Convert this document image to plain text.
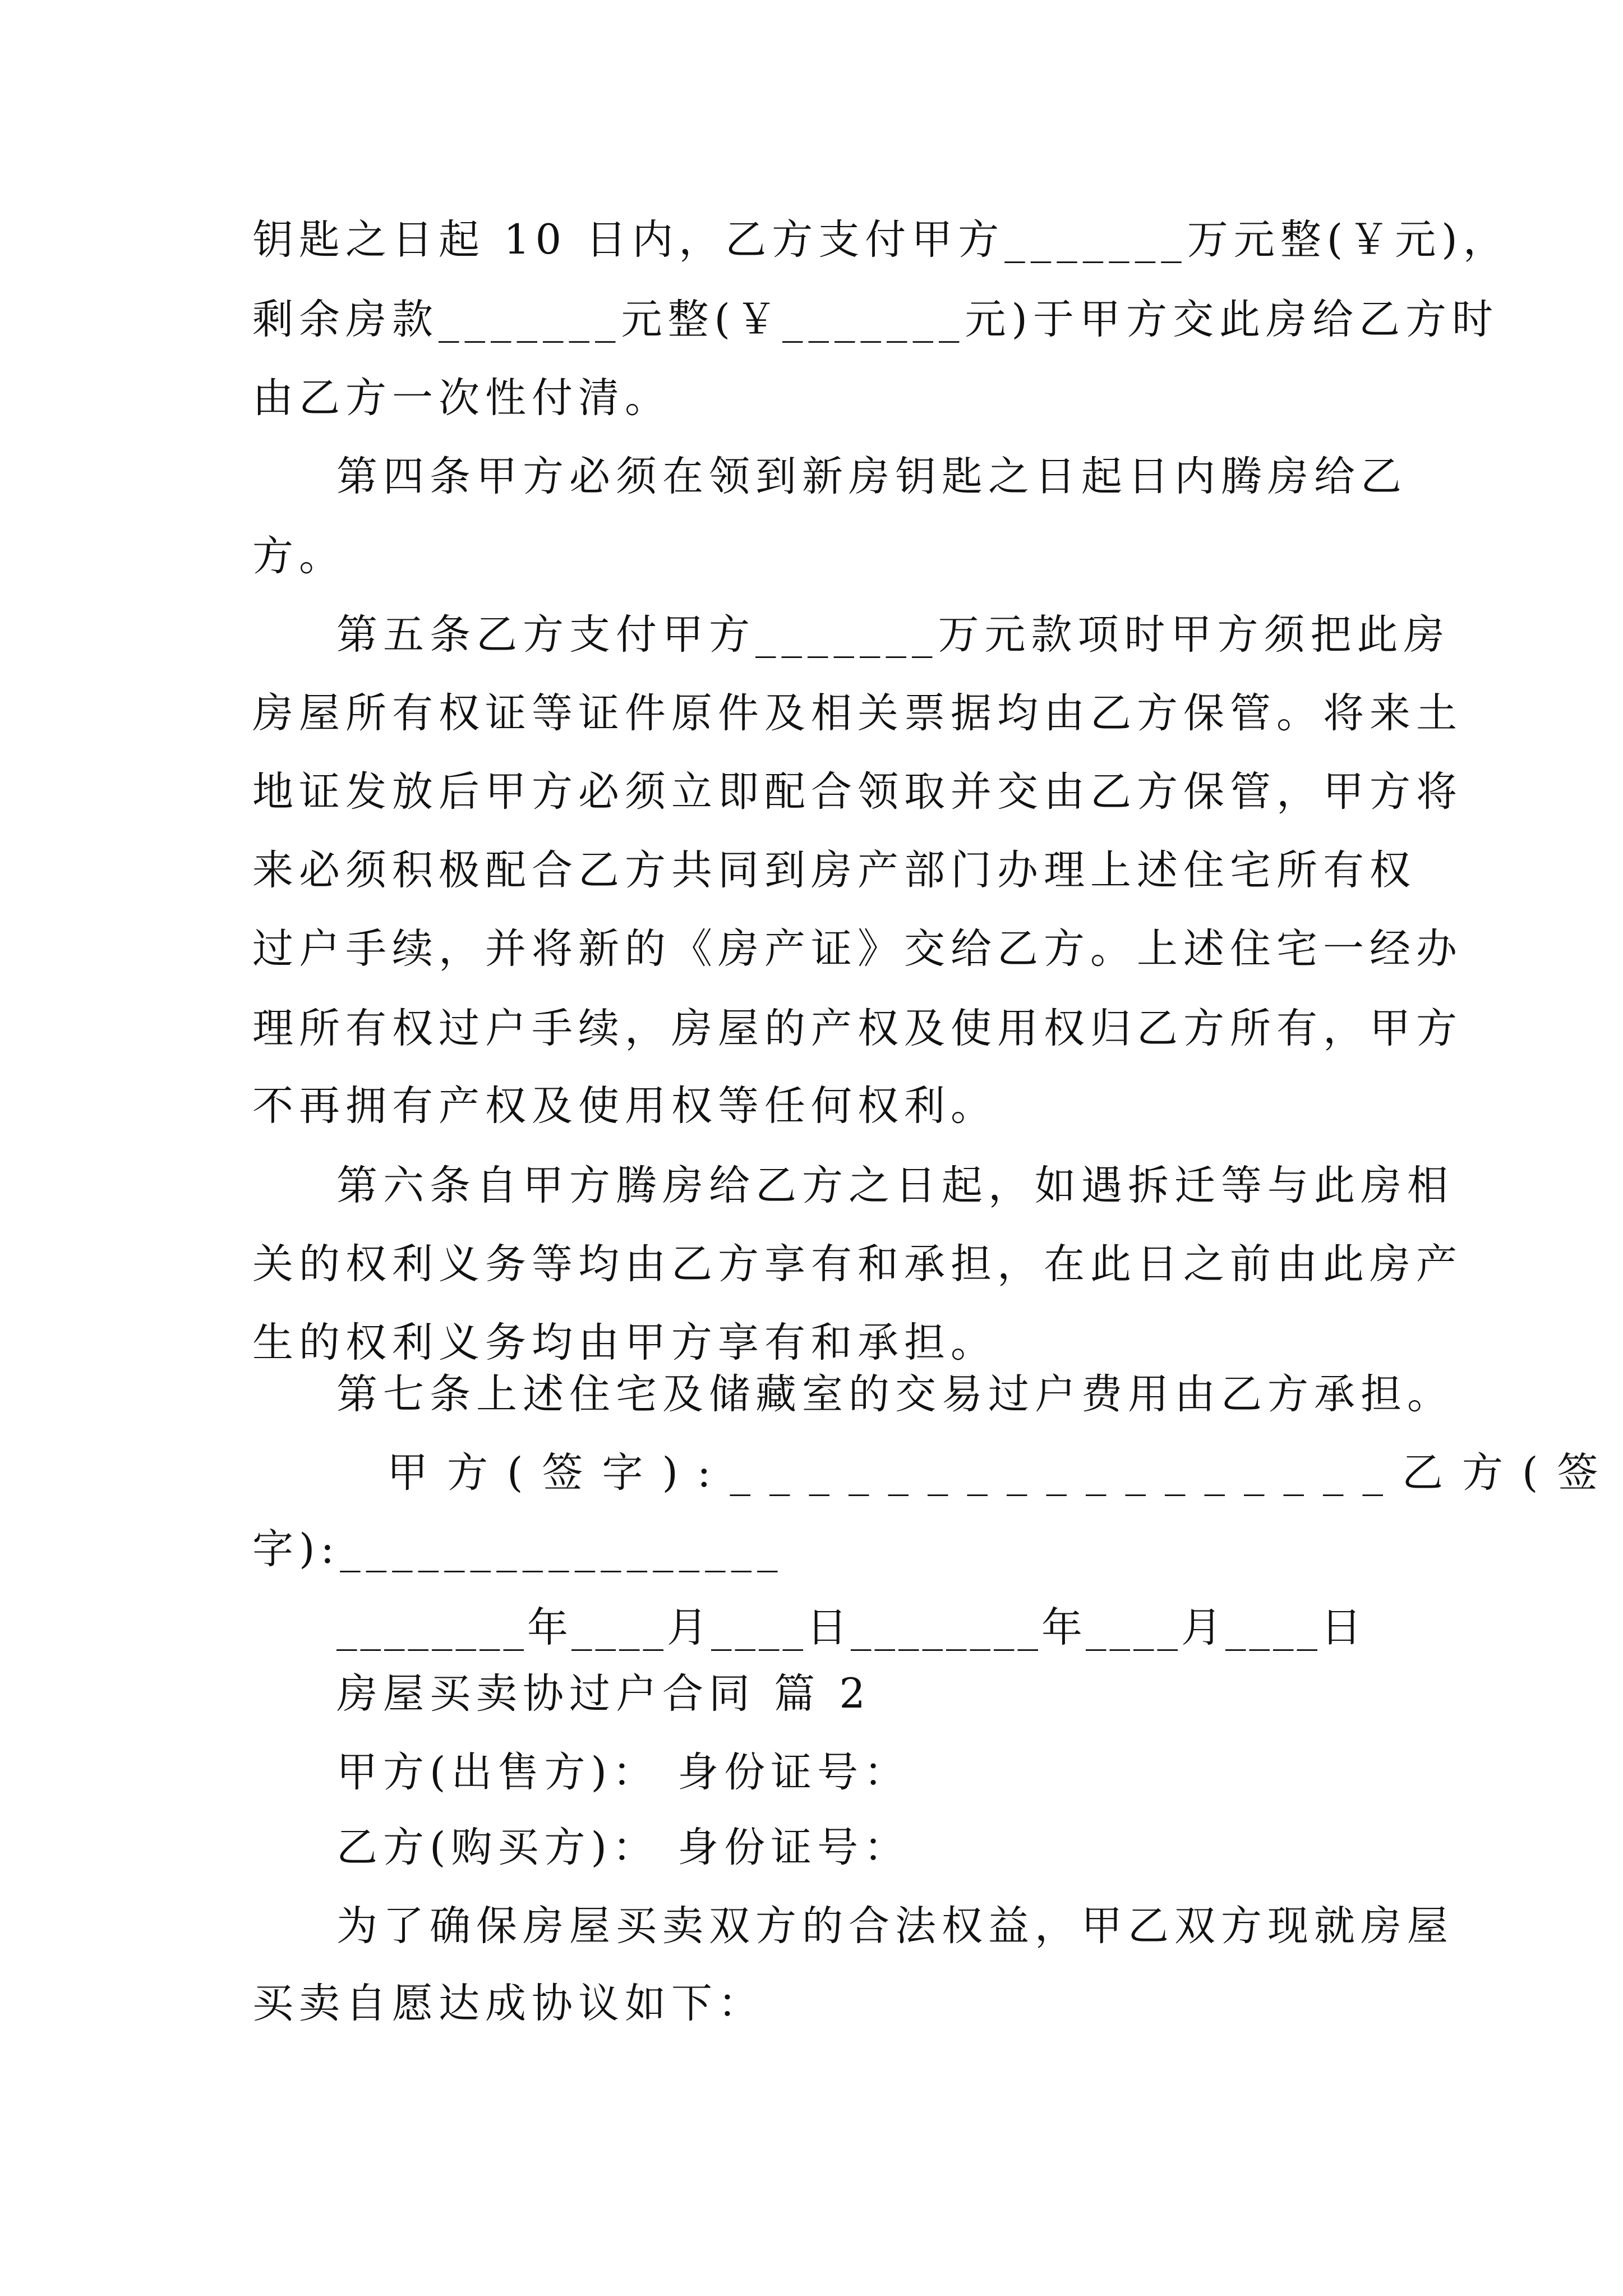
钥匙之日起 10 日内，乙方支付甲方_______万元整(￥元)，
剩余房款_______元整(￥_______元)于甲方交此房给乙方时
由乙方一次性付清。
第四条甲方必须在领到新房钥匙之日起日内腾房给乙
方。
第五条乙方支付甲方_______万元款项时甲方须把此房
房屋所有权证等证件原件及相关票据均由乙方保管。将来土
地证发放后甲方必须立即配合领取并交由乙方保管，甲方将
来必须积极配合乙方共同到房产部门办理上述住宅所有权
过户手续，并将新的《房产证》交给乙方。上述住宅一经办
理所有权过户手续，房屋的产权及使用权归乙方所有，甲方
不再拥有产权及使用权等任何权利。
第六条自甲方腾房给乙方之日起，如遇拆迁等与此房相
关的权利义务等均由乙方享有和承担，在此日之前由此房产
生的权利义务均由甲方享有和承担。
第七条上述住宅及储藏室的交易过户费用由乙方承担。
甲方(签字):_________________乙方(签
字):_________________
________年____月____日________年____月____日
房屋买卖协过户合同 篇 2
甲方(出售方)： 身份证号：
乙方(购买方)： 身份证号：
为了确保房屋买卖双方的合法权益，甲乙双方现就房屋
买卖自愿达成协议如下：
